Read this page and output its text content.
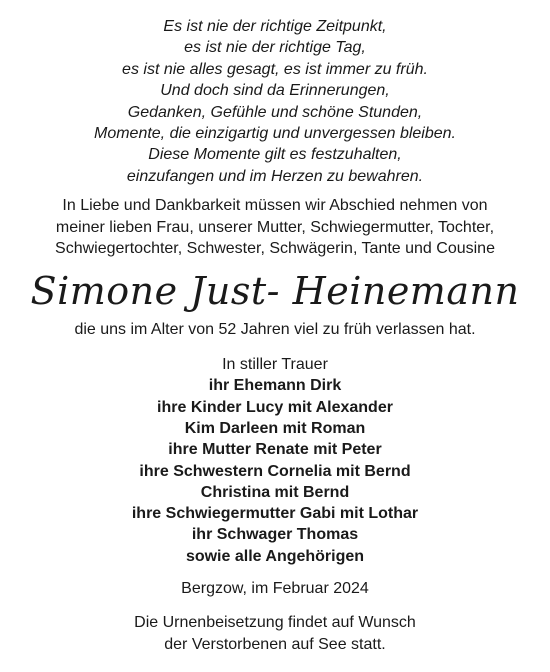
Es ist nie der richtige Zeitpunkt,
es ist nie der richtige Tag,
es ist nie alles gesagt, es ist immer zu früh.
Und doch sind da Erinnerungen,
Gedanken, Gefühle und schöne Stunden,
Momente, die einzigartig und unvergessen bleiben.
Diese Momente gilt es festzuhalten,
einzufangen und im Herzen zu bewahren.
In Liebe und Dankbarkeit müssen wir Abschied nehmen von
meiner lieben Frau, unserer Mutter, Schwiegermutter, Tochter,
Schwiegertochter, Schwester, Schwägerin, Tante und Cousine
Simone Just- Heinemann
die uns im Alter von 52 Jahren viel zu früh verlassen hat.
In stiller Trauer
ihr Ehemann Dirk
ihre Kinder Lucy mit Alexander
Kim Darleen mit Roman
ihre Mutter Renate mit Peter
ihre Schwestern Cornelia mit Bernd
Christina mit Bernd
ihre Schwiegermutter Gabi mit Lothar
ihr Schwager Thomas
sowie alle Angehörigen
Bergzow, im Februar 2024
Die Urnenbeisetzung findet auf Wunsch
der Verstorbenen auf See statt.
